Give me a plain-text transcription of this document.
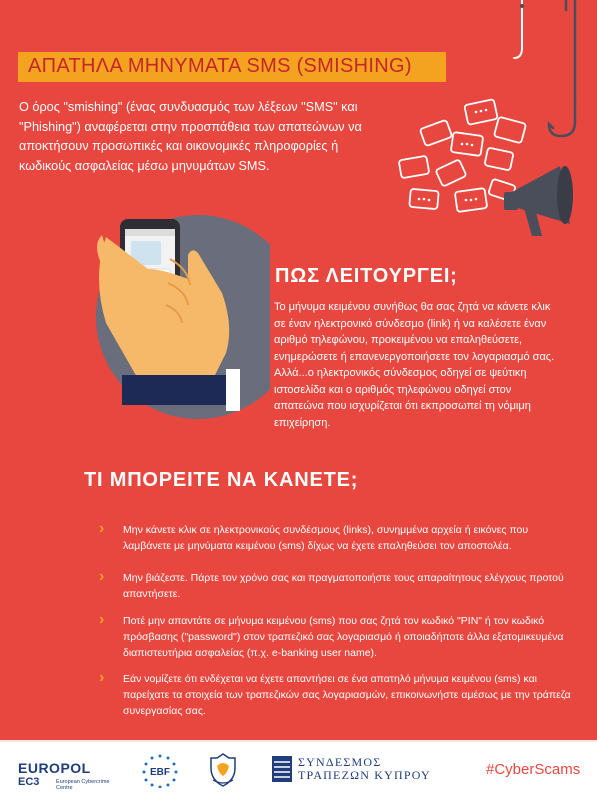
ΑΠΑΤΗΛΑ ΜΗΝΥΜΑΤΑ SMS (SMISHING)

Ο όρος "smishing" (ένας συνδυασμός των λέξεων "SMS" και "Phishing") αναφέρεται στην προσπάθεια των απατεώνων να αποκτήσουν προσωπικές και οικονομικές πληροφορίες ή κωδικούς ασφαλείας μέσω μηνυμάτων SMS.

ΠΩΣ ΛΕΙΤΟΥΡΓΕΙ;

Το μήνυμα κειμένου συνήθως θα σας ζητά να κάνετε κλικ σε έναν ηλεκτρονικό σύνδεσμο (link) ή να καλέσετε έναν αριθμό τηλεφώνου, προκειμένου να επαληθεύσετε, ενημερώσετε ή επανενεργοποιήσετε τον λογαριασμό σας. Αλλά...ο ηλεκτρονικός σύνδεσμος οδηγεί σε ψεύτικη ιστοσελίδα και ο αριθμός τηλεφώνου οδηγεί στον απατεώνα που ισχυρίζεται ότι εκπροσωπεί τη νόμιμη επιχείρηση.

ΤΙ ΜΠΟΡΕΙΤΕ ΝΑ ΚΑΝΕΤΕ;
› Μην κάνετε κλικ σε ηλεκτρονικούς συνδέσμους (links), συνημμένα αρχεία ή εικόνες που λαμβάνετε με μηνύματα κειμένου (sms) δίχως να έχετε επαληθεύσει τον αποστολέα.

› Μην βιάζεστε. Πάρτε τον χρόνο σας και πραγματοποιήστε τους απαραίτητους ελέγχους προτού απαντήσετε.

› Ποτέ μην απαντάτε σε μήνυμα κειμένου (sms) που σας ζητά τον κωδικό "PIN" ή τον κωδικό πρόσβασης ("password") στον τραπεζικό σας λογαριασμό ή οποιαδήποτε άλλα εξατομικευμένα διαπιστευτήρια ασφαλείας (π.χ. e-banking user name).

› Εάν νομίζετε ότι ενδέχεται να έχετε απαντήσει σε ένα απατηλό μήνυμα κειμένου (sms) και παρείχατε τα στοιχεία των τραπεζικών σας λογαριασμών, επικοινωνήστε αμέσως με την τράπεζα συνεργασίας σας.

EUROPOL
EC3	European Cybercrime Centre
EBF
ΣΥΝΔΕΣΜΟΣ
ΤΡΑΠΕΖΩΝ ΚΥΠΡΟΥ	#CyberScams
